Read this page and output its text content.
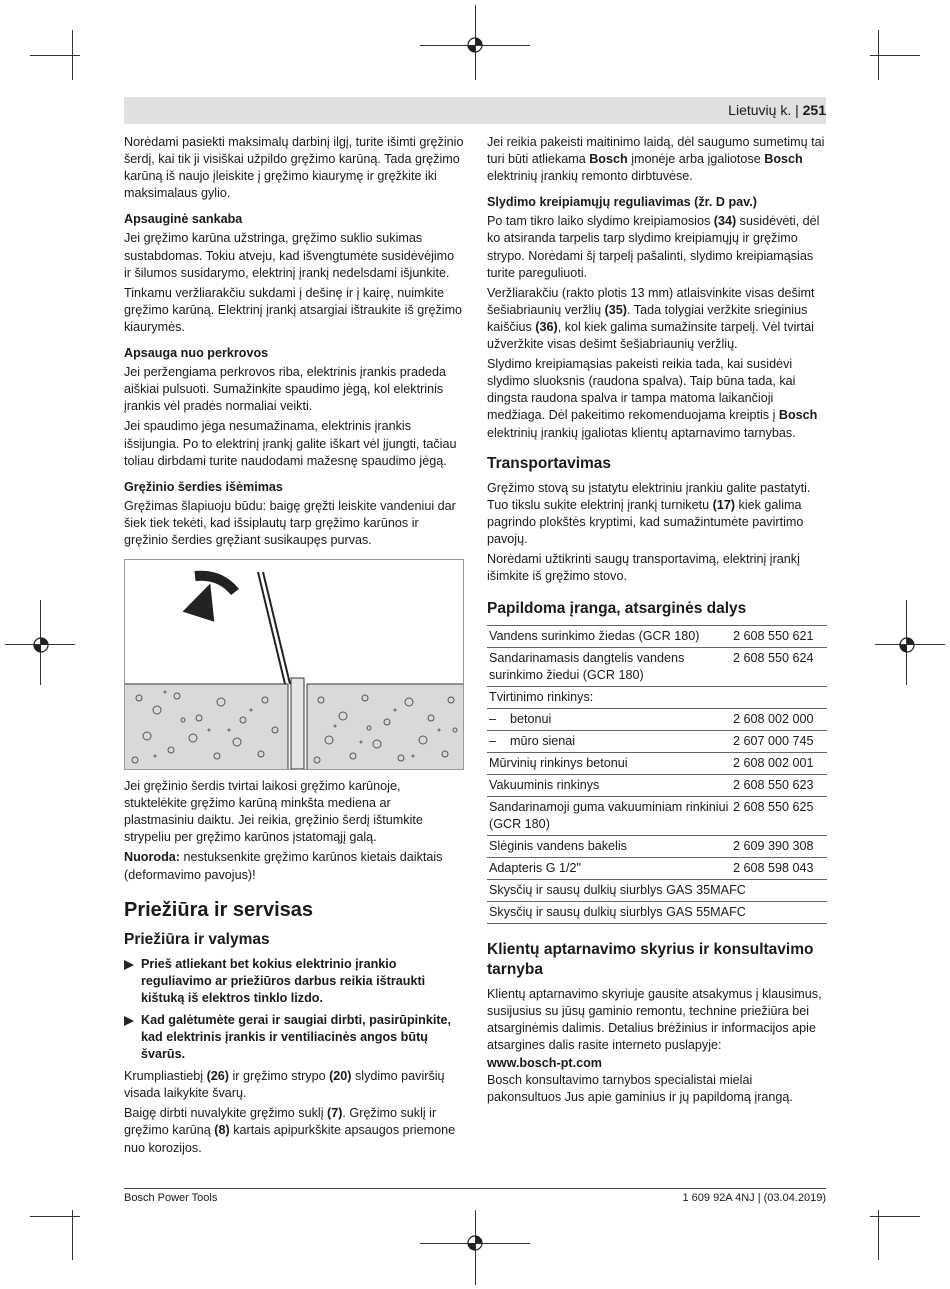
Lietuvių k. | 251

Norėdami pasiekti maksimalų darbinį ilgį, turite išimti gręžinio šerdį, kai tik ji visiškai užpildo gręžimo karūną. Tada gręžimo karūną iš naujo įleiskite į gręžimo kiaurymę ir gręžkite iki maksimalaus gylio.

Apsauginė sankaba

Jei gręžimo karūna užstringa, gręžimo suklio sukimas sustabdomas. Tokiu atveju, kad išvengtumėte susidėvėjimo ir šilumos susidarymo, elektrinį įrankį nedelsdami išjunkite.

Tinkamu veržliarakčiu sukdami į dešinę ir į kairę, nuimkite gręžimo karūną. Elektrinį įrankį atsargiai ištraukite iš gręžimo kiaurymės.

Apsauga nuo perkrovos

Jei peržengiama perkrovos riba, elektrinis įrankis pradeda aiškiai pulsuoti. Sumažinkite spaudimo jėgą, kol elektrinis įrankis vėl pradės normaliai veikti.

Jei spaudimo jėga nesumažinama, elektrinis įrankis išsijungia. Po to elektrinį įrankį galite iškart vėl įjungti, tačiau toliau dirbdami turite naudodami mažesnę spaudimo jėgą.

Gręžinio šerdies išėmimas

Gręžimas šlapiuoju būdu: baigę gręžti leiskite vandeniui dar šiek tiek tekėti, kad išsiplautų tarp gręžimo karūnos ir gręžinio šerdies gręžiant susikaupęs purvas.

Jei gręžinio šerdis tvirtai laikosi gręžimo karūnoje, stuktelėkite gręžimo karūną minkšta mediena ar plastmasiniu daiktu. Jei reikia, gręžinio šerdį ištumkite strypeliu per gręžimo karūnos įstatomąjį galą.

Nuoroda: nestuksenkite gręžimo karūnos kietais daiktais (deformavimo pavojus)!

Priežiūra ir servisas
Priežiūra ir valymas
Prieš atliekant bet kokius elektrinio įrankio reguliavimo ar priežiūros darbus reikia ištraukti kištuką iš elektros tinklo lizdo.
Kad galėtumėte gerai ir saugiai dirbti, pasirūpinkite, kad elektrinis įrankis ir ventiliacinės angos būtų švarūs.

Krumpliastiebį (26) ir gręžimo strypo (20) slydimo paviršių visada laikykite švarų.

Baigę dirbti nuvalykite gręžimo suklį (7). Gręžimo suklį ir gręžimo karūną (8) kartais apipurkškite apsaugos priemone nuo korozijos.

Jei reikia pakeisti maitinimo laidą, dėl saugumo sumetimų tai turi būti atliekama Bosch įmonėje arba įgaliotose Bosch elektrinių įrankių remonto dirbtuvėse.

Slydimo kreipiamųjų reguliavimas (žr. D pav.)

Po tam tikro laiko slydimo kreipiamosios (34) susidėvėti, dėl ko atsiranda tarpelis tarp slydimo kreipiamųjų ir gręžimo strypo. Norėdami šį tarpelį pašalinti, slydimo kreipiamąsias turite pareguliuoti.

Veržliarakčiu (rakto plotis 13 mm) atlaisvinkite visas dešimt šešiabriaunių veržlių (35). Tada tolygiai veržkite srieginius kaiščius (36), kol kiek galima sumažinsite tarpelį. Vėl tvirtai užveržkite visas dešimt šešiabriaunių veržlių.

Slydimo kreipiamąsias pakeisti reikia tada, kai susidėvi slydimo sluoksnis (raudona spalva). Taip būna tada, kai dingsta raudona spalva ir tampa matoma laikančioji medžiaga. Dėl pakeitimo rekomenduojama kreiptis į Bosch elektrinių įrankių įgaliotas klientų aptarnavimo tarnybas.

Transportavimas

Gręžimo stovą su įstatytu elektriniu įrankiu galite pastatyti. Tuo tikslu sukite elektrinį įrankį turniketu (17) kiek galima pagrindo plokštės kryptimi, kad sumažintumėte pavirtimo pavojų.

Norėdami užtikrinti saugų transportavimą, elektrinį įrankį išimkite iš gręžimo stovo.

Papildoma įranga, atsarginės dalys
Vandens surinkimo žiedas (GCR 180)	2 608 550 621
Sandarinamasis dangtelis vandens surinkimo žiedui (GCR 180)	2 608 550 624
Tvirtinimo rinkinys:	
–    betonui	2 608 002 000
–    mūro sienai	2 607 000 745
Mūrvinių rinkinys betonui	2 608 002 001
Vakuuminis rinkinys	2 608 550 623
Sandarinamoji guma vakuuminiam rinkiniui (GCR 180)	2 608 550 625
Slėginis vandens bakelis	2 609 390 308
Adapteris G 1/2"	2 608 598 043
Skysčių ir sausų dulkių siurblys GAS 35MAFC	
Skysčių ir sausų dulkių siurblys GAS 55MAFC	
Klientų aptarnavimo skyrius ir konsultavimo tarnyba

Klientų aptarnavimo skyriuje gausite atsakymus į klausimus, susijusius su jūsų gaminio remontu, technine priežiūra bei atsarginėmis dalimis. Detalius brėžinius ir informacijos apie atsargines dalis rasite interneto puslapyje:

www.bosch-pt.com

Bosch konsultavimo tarnybos specialistai mielai pakonsultuos Jus apie gaminius ir jų papildomą įrangą.

Bosch Power Tools	1 609 92A 4NJ | (03.04.2019)
